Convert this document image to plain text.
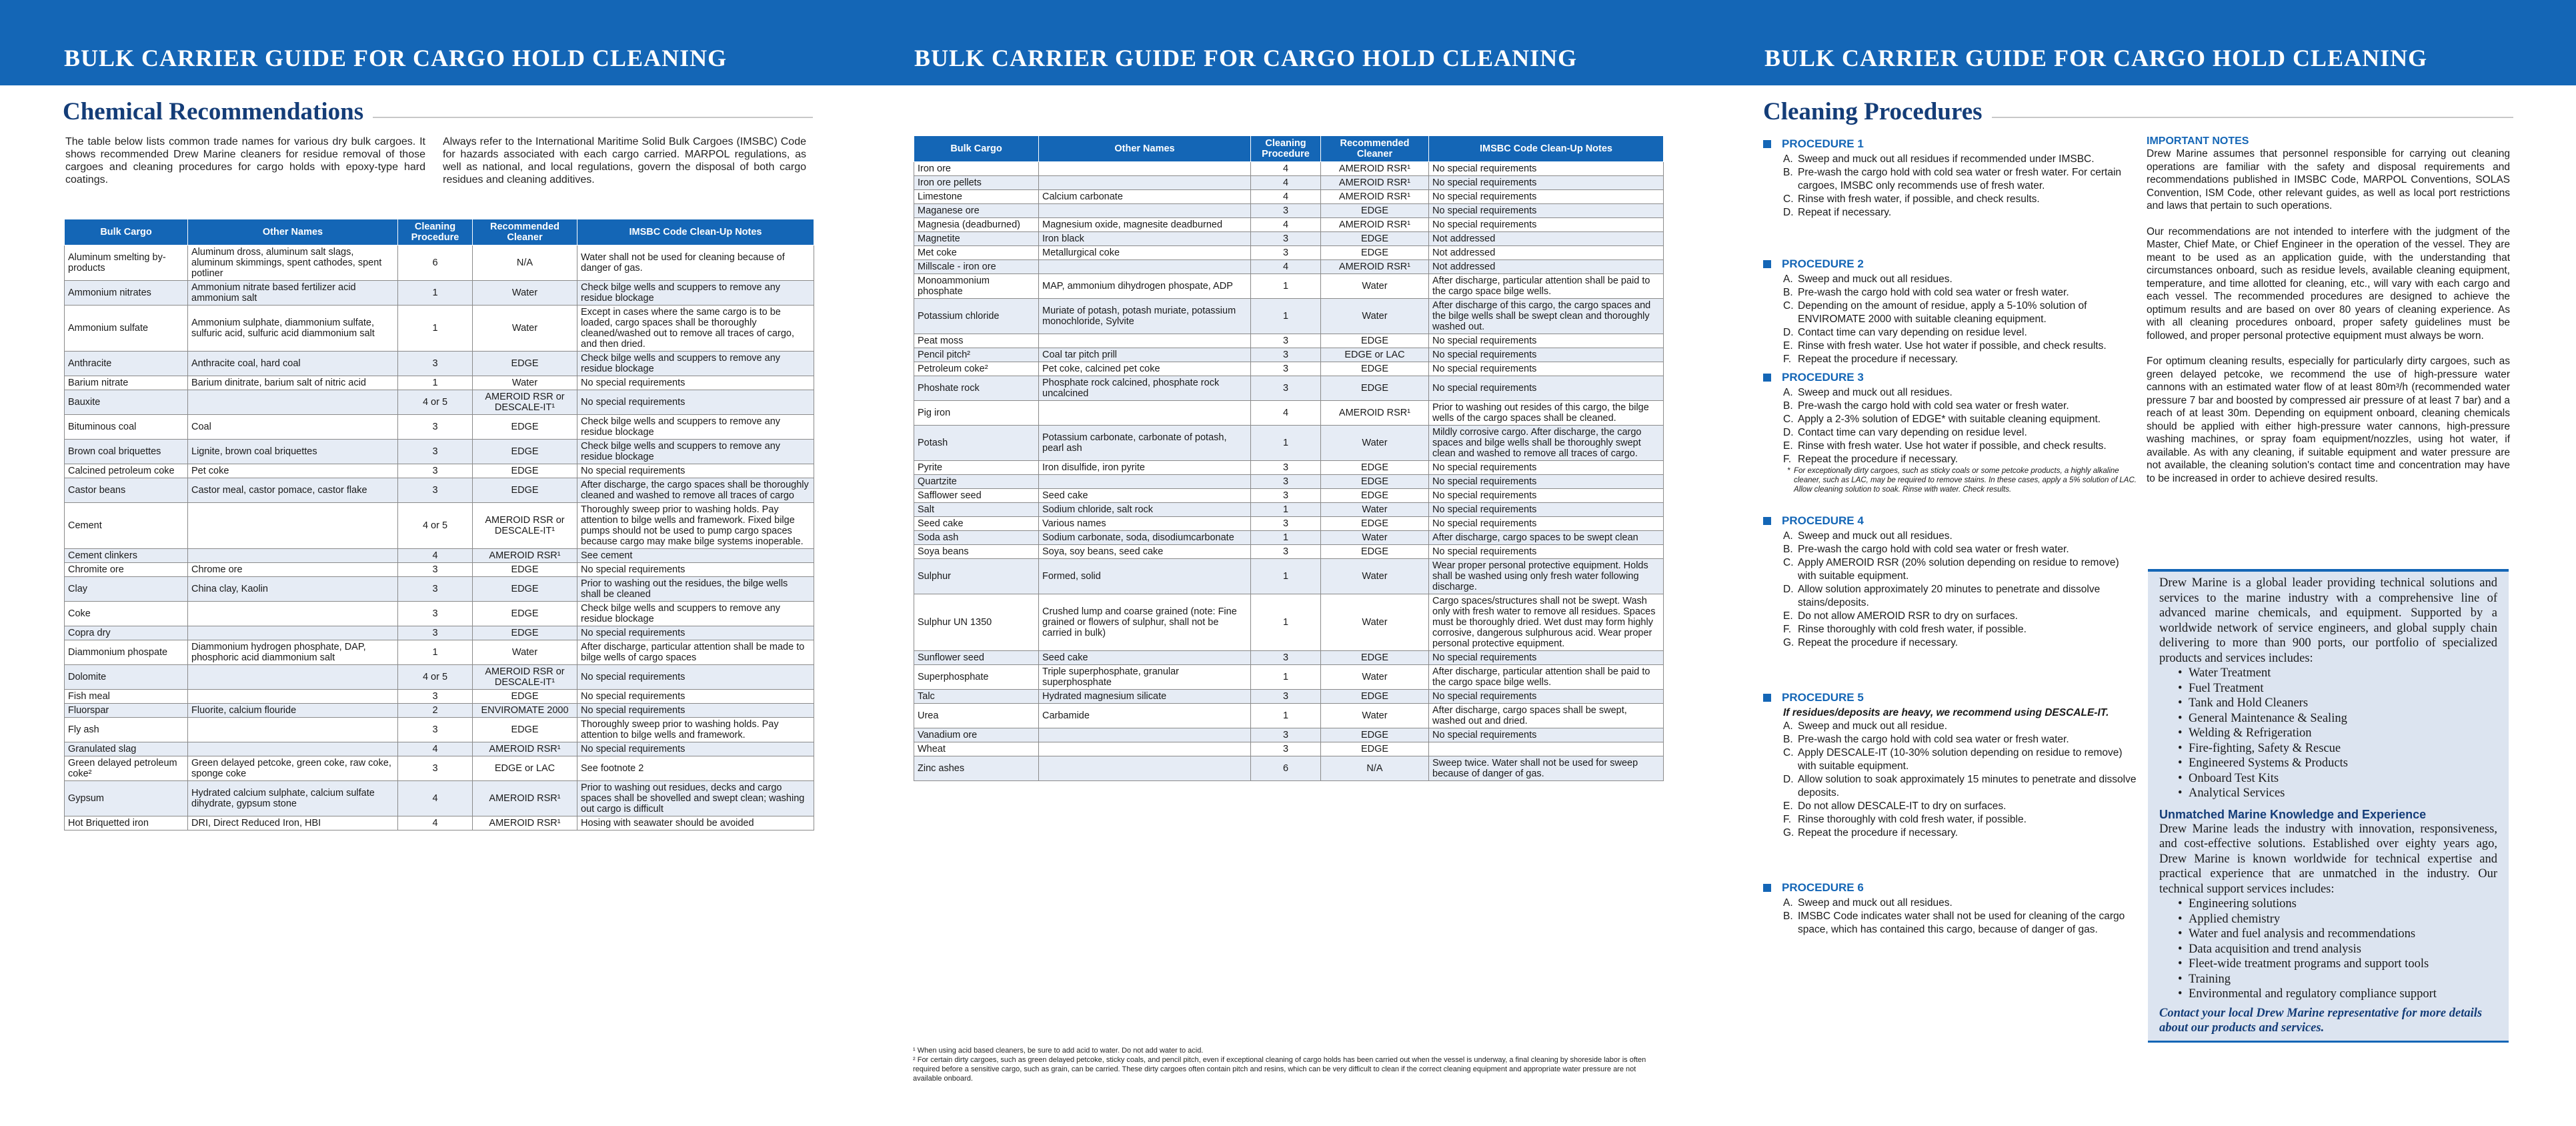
BULK CARRIER GUIDE FOR CARGO HOLD CLEANING	BULK CARRIER GUIDE FOR CARGO HOLD CLEANING	BULK CARRIER GUIDE FOR CARGO HOLD CLEANING
Chemical Recommendations
The table below lists common trade names for various dry bulk cargoes. It shows recommended Drew Marine cleaners for residue removal of those cargoes and cleaning procedures for cargo holds with epoxy-type hard coatings.
Always refer to the International Maritime Solid Bulk Cargoes (IMSBC) Code for hazards associated with each cargo carried. MARPOL regulations, as well as national, and local regulations, govern the disposal of both cargo residues and cleaning additives.
Bulk Cargo	Other Names	Cleaning Procedure	Recommended Cleaner	IMSBC Code Clean-Up Notes
Aluminum smelting by-products	Aluminum dross, aluminum salt slags, aluminum skimmings, spent cathodes, spent potliner	6	N/A	Water shall not be used for cleaning because of danger of gas.
Ammonium nitrates	Ammonium nitrate based fertilizer acid ammonium salt	1	Water	Check bilge wells and scuppers to remove any residue blockage
Ammonium sulfate	Ammonium sulphate, diammonium sulfate, sulfuric acid, sulfuric acid diammonium salt	1	Water	Except in cases where the same cargo is to be loaded, cargo spaces shall be thoroughly cleaned/washed out to remove all traces of cargo, and then dried.
Anthracite	Anthracite coal, hard coal	3	EDGE	Check bilge wells and scuppers to remove any residue blockage
Barium nitrate	Barium dinitrate, barium salt of nitric acid	1	Water	No special requirements
Bauxite		4 or 5	AMEROID RSR or DESCALE-IT¹	No special requirements
Bituminous coal	Coal	3	EDGE	Check bilge wells and scuppers to remove any residue blockage
Brown coal briquettes	Lignite, brown coal briquettes	3	EDGE	Check bilge wells and scuppers to remove any residue blockage
Calcined petroleum coke	Pet coke	3	EDGE	No special requirements
Castor beans	Castor meal, castor pomace, castor flake	3	EDGE	After discharge, the cargo spaces shall be thoroughly cleaned and washed to remove all traces of cargo
Cement		4 or 5	AMEROID RSR or DESCALE-IT¹	Thoroughly sweep prior to washing holds. Pay attention to bilge wells and framework. Fixed bilge pumps should not be used to pump cargo spaces because cargo may make bilge systems inoperable.
Cement clinkers		4	AMEROID RSR¹	See cement
Chromite ore	Chrome ore	3	EDGE	No special requirements
Clay	China clay, Kaolin	3	EDGE	Prior to washing out the residues, the bilge wells shall be cleaned
Coke		3	EDGE	Check bilge wells and scuppers to remove any residue blockage
Copra dry		3	EDGE	No special requirements
Diammonium phospate	Diammonium hydrogen phosphate, DAP, phosphoric acid diammonium salt	1	Water	After discharge, particular attention shall be made to bilge wells of cargo spaces
Dolomite		4 or 5	AMEROID RSR or DESCALE-IT¹	No special requirements
Fish meal		3	EDGE	No special requirements
Fluorspar	Fluorite, calcium flouride	2	ENVIROMATE 2000	No special requirements
Fly ash		3	EDGE	Thoroughly sweep prior to washing holds. Pay attention to bilge wells and framework.
Granulated slag		4	AMEROID RSR¹	No special requirements
Green delayed petroleum coke²	Green delayed petcoke, green coke, raw coke, sponge coke	3	EDGE or LAC	See footnote 2
Gypsum	Hydrated calcium sulphate, calcium sulfate dihydrate, gypsum stone	4	AMEROID RSR¹	Prior to washing out residues, decks and cargo spaces shall be shovelled and swept clean; washing out cargo is difficult
Hot Briquetted iron	DRI, Direct Reduced Iron, HBI	4	AMEROID RSR¹	Hosing with seawater should be avoided
Bulk Cargo	Other Names	Cleaning Procedure	Recommended Cleaner	IMSBC Code Clean-Up Notes
Iron ore		4	AMEROID RSR¹	No special requirements
Iron ore pellets		4	AMEROID RSR¹	No special requirements
Limestone	Calcium carbonate	4	AMEROID RSR¹	No special requirements
Maganese ore		3	EDGE	No special requirements
Magnesia (deadburned)	Magnesium oxide, magnesite deadburned	4	AMEROID RSR¹	No special requirements
Magnetite	Iron black	3	EDGE	Not addressed
Met coke	Metallurgical coke	3	EDGE	Not addressed
Millscale - iron ore		4	AMEROID RSR¹	Not addressed
Monoammonium phosphate	MAP, ammonium dihydrogen phospate, ADP	1	Water	After discharge, particular attention shall be paid to the cargo space bilge wells.
Potassium chloride	Muriate of potash, potash muriate, potassium monochloride, Sylvite	1	Water	After discharge of this cargo, the cargo spaces and the bilge wells shall be swept clean and thoroughly washed out.
Peat moss		3	EDGE	No special requirements
Pencil pitch²	Coal tar pitch prill	3	EDGE or LAC	No special requirements
Petroleum coke²	Pet coke, calcined pet coke	3	EDGE	No special requirements
Phoshate rock	Phosphate rock calcined, phosphate rock uncalcined	3	EDGE	No special requirements
Pig iron		4	AMEROID RSR¹	Prior to washing out resides of this cargo, the bilge wells of the cargo spaces shall be cleaned.
Potash	Potassium carbonate, carbonate of potash, pearl ash	1	Water	Mildly corrosive cargo. After discharge, the cargo spaces and bilge wells shall be thoroughly swept clean and washed to remove all traces of cargo.
Pyrite	Iron disulfide, iron pyrite	3	EDGE	No special requirements
Quartzite		3	EDGE	No special requirements
Safflower seed	Seed cake	3	EDGE	No special requirements
Salt	Sodium chloride, salt rock	1	Water	No special requirements
Seed cake	Various names	3	EDGE	No special requirements
Soda ash	Sodium carbonate, soda, disodiumcarbonate	1	Water	After discharge, cargo spaces to be swept clean
Soya beans	Soya, soy beans, seed cake	3	EDGE	No special requirements
Sulphur	Formed, solid	1	Water	Wear proper personal protective equipment. Holds shall be washed using only fresh water following discharge.
Sulphur UN 1350	Crushed lump and coarse grained (note: Fine grained or flowers of sulphur, shall not be carried in bulk)	1	Water	Cargo spaces/structures shall not be swept. Wash only with fresh water to remove all residues. Spaces must be thoroughly dried. Wet dust may form highly corrosive, dangerous sulphurous acid. Wear proper personal protective equipment.
Sunflower seed	Seed cake	3	EDGE	No special requirements
Superphosphate	Triple superphosphate, granular superphosphate	1	Water	After discharge, particular attention shall be paid to the cargo space bilge wells.
Talc	Hydrated magnesium silicate	3	EDGE	No special requirements
Urea	Carbamide	1	Water	After discharge, cargo spaces shall be swept, washed out and dried.
Vanadium ore		3	EDGE	No special requirements
Wheat		3	EDGE	
Zinc ashes		6	N/A	Sweep twice. Water shall not be used for sweep because of danger of gas.
¹ When using acid based cleaners, be sure to add acid to water. Do not add water to acid.
² For certain dirty cargoes, such as green delayed petcoke, sticky coals, and pencil pitch, even if exceptional cleaning of cargo holds has been carried out when the vessel is underway, a final cleaning by shoreside labor is often required before a sensitive cargo, such as grain, can be carried. These dirty cargoes often contain pitch and resins, which can be very difficult to clean if the correct cleaning equipment and appropriate water pressure are not available onboard.
Cleaning Procedures
PROCEDURE 1
A. Sweep and muck out all residues if recommended under IMSBC.
B. Pre-wash the cargo hold with cold sea water or fresh water. For certain cargoes, IMSBC only recommends use of fresh water.
C. Rinse with fresh water, if possible, and check results.
D. Repeat if necessary.
PROCEDURE 2
A. Sweep and muck out all residues.
B. Pre-wash the cargo hold with cold sea water or fresh water.
C. Depending on the amount of residue, apply a 5-10% solution of ENVIROMATE 2000 with suitable cleaning equipment.
D. Contact time can vary depending on residue level.
E. Rinse with fresh water. Use hot water if possible, and check results.
F. Repeat the procedure if necessary.
PROCEDURE 3
A. Sweep and muck out all residues.
B. Pre-wash the cargo hold with cold sea water or fresh water.
C. Apply a 2-3% solution of EDGE* with suitable cleaning equipment.
D. Contact time can vary depending on residue level.
E. Rinse with fresh water. Use hot water if possible, and check results.
F. Repeat the procedure if necessary.
* For exceptionally dirty cargoes, such as sticky coals or some petcoke products, a highly alkaline cleaner, such as LAC, may be required to remove stains. In these cases, apply a 5% solution of LAC. Allow cleaning solution to soak. Rinse with water. Check results.
PROCEDURE 4
A. Sweep and muck out all residues.
B. Pre-wash the cargo hold with cold sea water or fresh water.
C. Apply AMEROID RSR (20% solution depending on residue to remove) with suitable equipment.
D. Allow solution approximately 20 minutes to penetrate and dissolve stains/deposits.
E. Do not allow AMEROID RSR to dry on surfaces.
F. Rinse thoroughly with cold fresh water, if possible.
G. Repeat the procedure if necessary.
PROCEDURE 5
If residues/deposits are heavy, we recommend using DESCALE-IT.
A. Sweep and muck out all residue.
B. Pre-wash the cargo hold with cold sea water or fresh water.
C. Apply DESCALE-IT (10-30% solution depending on residue to remove) with suitable equipment.
D. Allow solution to soak approximately 15 minutes to penetrate and dissolve deposits.
E. Do not allow DESCALE-IT to dry on surfaces.
F. Rinse thoroughly with cold fresh water, if possible.
G. Repeat the procedure if necessary.
PROCEDURE 6
A. Sweep and muck out all residues.
B. IMSBC Code indicates water shall not be used for cleaning of the cargo space, which has contained this cargo, because of danger of gas.
IMPORTANT NOTES

Drew Marine assumes that personnel responsible for carrying out cleaning operations are familiar with the safety and disposal requirements and recommendations published in IMSBC Code, MARPOL Conventions, SOLAS Convention, ISM Code, other relevant guides, as well as local port restrictions and laws that pertain to such operations.

Our recommendations are not intended to interfere with the judgment of the Master, Chief Mate, or Chief Engineer in the operation of the vessel. They are meant to be used as an application guide, with the understanding that circumstances onboard, such as residue levels, available cleaning equipment, temperature, and time allotted for cleaning, etc., will vary with each cargo and each vessel. The recommended procedures are designed to achieve the optimum results and are based on over 80 years of cleaning experience. As with all cleaning procedures onboard, proper safety guidelines must be followed, and proper personal protective equipment must always be worn.

For optimum cleaning results, especially for particularly dirty cargoes, such as green delayed petcoke, we recommend the use of high-pressure water cannons with an estimated water flow of at least 80m³/h (recommended water pressure 7 bar and boosted by compressed air pressure of at least 7 bar) and a reach of at least 30m. Depending on equipment onboard, cleaning chemicals should be applied with either high-pressure water cannons, high-pressure washing machines, or spray foam equipment/nozzles, using hot water, if available. As with any cleaning, if suitable equipment and water pressure are not available, the cleaning solution's contact time and concentration may have to be increased in order to achieve desired results.

Drew Marine is a global leader providing technical solutions and services to the marine industry with a comprehensive line of advanced marine chemicals, and equipment. Supported by a worldwide network of service engineers, and global supply chain delivering to more than 900 ports, our portfolio of specialized products and services includes:

• Water Treatment
• Fuel Treatment
• Tank and Hold Cleaners
• General Maintenance & Sealing
• Welding & Refrigeration
• Fire-fighting, Safety & Rescue
• Engineered Systems & Products
• Onboard Test Kits
• Analytical Services
Unmatched Marine Knowledge and Experience

Drew Marine leads the industry with innovation, responsiveness, and cost-effective solutions. Established over eighty years ago, Drew Marine is known worldwide for technical expertise and practical experience that are unmatched in the industry. Our technical support services includes:

• Engineering solutions
• Applied chemistry
• Water and fuel analysis and recommendations
• Data acquisition and trend analysis
• Fleet-wide treatment programs and support tools
• Training
• Environmental and regulatory compliance support
Contact your local Drew Marine representative for more details about our products and services.
